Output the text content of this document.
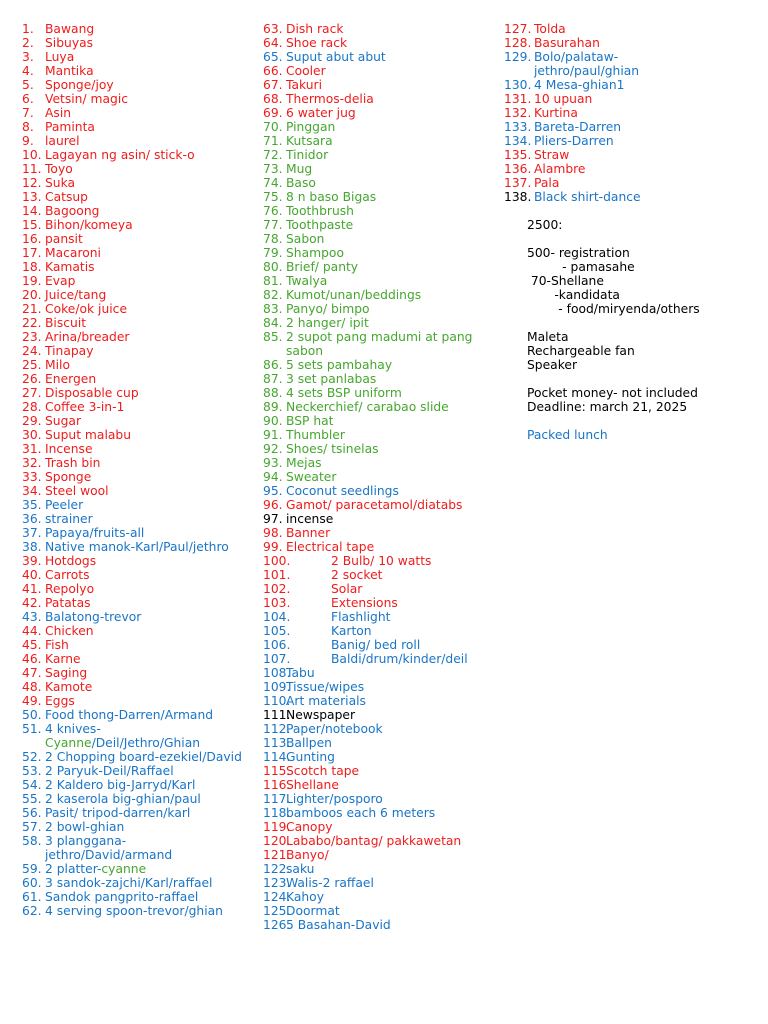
1. Bawang
2. Sibuyas
3. Luya
4. Mantika
5. Sponge/joy
6. Vetsin/ magic
7. Asin
8. Paminta
9. laurel
10. Lagayan ng asin/ stick-o
11. Toyo
12. Suka
13. Catsup
14. Bagoong
15. Bihon/komeya
16. pansit
17. Macaroni
18. Kamatis
19. Evap
20. Juice/tang
21. Coke/ok juice
22. Biscuit
23. Arina/breader
24. Tinapay
25. Milo
26. Energen
27. Disposable cup
28. Coffee 3-in-1
29. Sugar
30. Suput malabu
31. Incense
32. Trash bin
33. Sponge
34. Steel wool
35. Peeler
36. strainer
37. Papaya/fruits-all
38. Native manok-Karl/Paul/jethro
39. Hotdogs
40. Carrots
41. Repolyo
42. Patatas
43. Balatong-trevor
44. Chicken
45. Fish
46. Karne
47. Saging
48. Kamote
49. Eggs
50. Food thong-Darren/Armand
51. 4 knives-
Cyanne/Deil/Jethro/Ghian
52. 2 Chopping board-ezekiel/David
53. 2 Paryuk-Deil/Raffael
54. 2 Kaldero big-Jarryd/Karl
55. 2 kaserola big-ghian/paul
56. Pasit/ tripod-darren/karl
57. 2 bowl-ghian
58. 3 planggana-jethro/David/armand
59. 2 platter-cyanne
60. 3 sandok-zajchi/Karl/raffael
61. Sandok pangprito-raffael
62. 4 serving spoon-trevor/ghian
63. Dish rack
64. Shoe rack
65. Suput abut abut
66. Cooler
67. Takuri
68. Thermos-delia
69. 6 water jug
70. Pinggan
71. Kutsara
72. Tinidor
73. Mug
74. Baso
75. 8 n baso Bigas
76. Toothbrush
77. Toothpaste
78. Sabon
79. Shampoo
80. Brief/ panty
81. Twalya
82. Kumot/unan/beddings
83. Panyo/ bimpo
84. 2 hanger/ ipit
85. 2 supot pang madumi at pang sabon
86. 5 sets pambahay
87. 3 set panlabas
88. 4 sets BSP uniform
89. Neckerchief/ carabao slide
90. BSP hat
91. Thumbler
92. Shoes/ tsinelas
93. Mejas
94. Sweater
95. Coconut seedlings
96. Gamot/ paracetamol/diatabs
97. incense
98. Banner
99. Electrical tape
100.	2 Bulb/ 10 watts
101.	2 socket
102.	Solar
103.	Extensions
104.	Flashlight
105.	Karton
106.	Banig/ bed roll
107.	Baldi/drum/kinder/deil
108.
Tabu
109.
Tissue/wipes
110.
Art materials
111.
Newspaper
112.
Paper/notebook
113.
Ballpen
114.
Gunting
115.
Scotch tape
116.
Shellane
117.
Lighter/posporo
118.
bamboos each 6 meters
119.
Canopy
120.
Lababo/bantag/ pakkawetan
121.
Banyo/
122.
saku
123.
Walis-2 raffael
124.
Kahoy
125.
Doormat
126.
5 Basahan-David
127. Tolda
128. Basurahan
129. Bolo/palataw-jethro/paul/ghian
130. 4 Mesa-ghian1
131. 10 upuan
132. Kurtina
133. Bareta-Darren
134. Pliers-Darren
135. Straw
136. Alambre
137. Pala
138. Black shirt-dance
2500:
500- registration
- pamasahe
70-Shellane
-kandidata
- food/miryenda/others
Maleta
Rechargeable fan
Speaker
Pocket money- not included
Deadline: march 21, 2025
Packed lunch
